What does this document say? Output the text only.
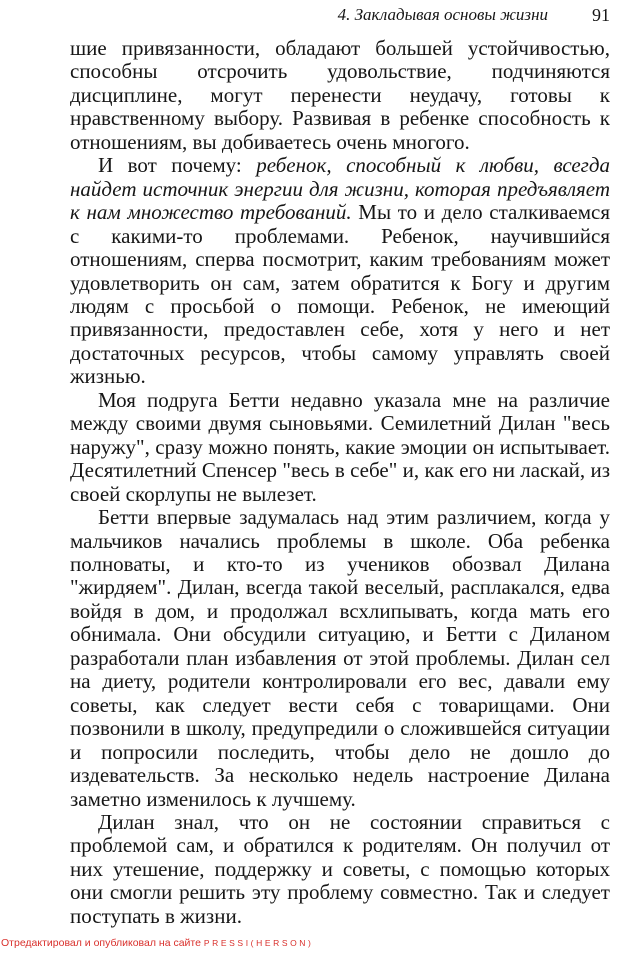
4. Закладывая основы жизни 91

шие привязанности, обладают большей устойчивостью, способны отсрочить удовольствие, подчиняются дисциплине, могут перенести неудачу, готовы к нравственному выбору. Развивая в ребенке способность к отношениям, вы добиваетесь очень многого.

И вот почему: ребенок, способный к любви, всегда найдет источник энергии для жизни, которая предъявляет к нам множество требований. Мы то и дело сталкиваемся с какими-то проблемами. Ребенок, научившийся отношениям, сперва посмотрит, каким требованиям может удовлетворить он сам, затем обратится к Богу и другим людям с просьбой о помощи. Ребенок, не имеющий привязанности, предоставлен себе, хотя у него и нет достаточных ресурсов, чтобы самому управлять своей жизнью.

Моя подруга Бетти недавно указала мне на различие между своими двумя сыновьями. Семилетний Дилан "весь наружу", сразу можно понять, какие эмоции он испытывает. Десятилетний Спенсер "весь в себе" и, как его ни ласкай, из своей скорлупы не вылезет.

Бетти впервые задумалась над этим различием, когда у мальчиков начались проблемы в школе. Оба ребенка полноваты, и кто-то из учеников обозвал Дилана "жирдяем". Дилан, всегда такой веселый, расплакался, едва войдя в дом, и продолжал всхлипывать, когда мать его обнимала. Они обсудили ситуацию, и Бетти с Диланом разработали план избавления от этой проблемы. Дилан сел на диету, родители контролировали его вес, давали ему советы, как следует вести себя с товарищами. Они позвонили в школу, предупредили о сложившейся ситуации и попросили последить, чтобы дело не дошло до издевательств. За несколько недель настроение Дилана заметно изменилось к лучшему.

Дилан знал, что он не состоянии справиться с проблемой сам, и обратился к родителям. Он получил от них утешение, поддержку и советы, с помощью которых они смогли решить эту проблему совместно. Так и следует поступать в жизни.

Отредактировал и опубликовал на сайте PRESSI(HERSON)
